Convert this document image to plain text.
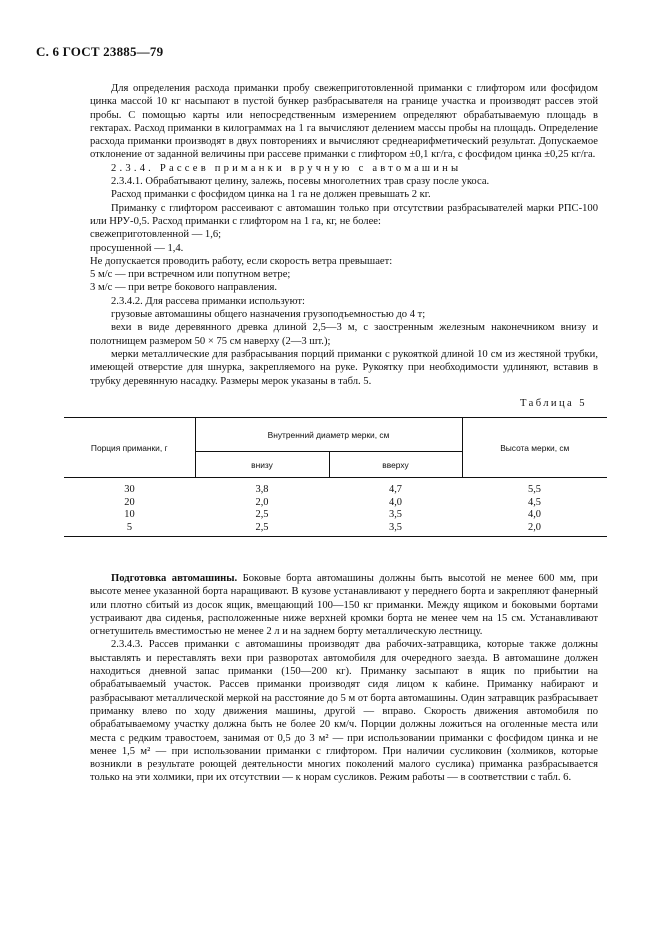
С. 6 ГОСТ 23885—79

Для определения расхода приманки пробу свежеприготовленной приманки с глифтором или фосфидом цинка массой 10 кг насыпают в пустой бункер разбрасывателя на границе участка и производят рассев этой пробы. С помощью карты или непосредственным измерением определяют обрабатываемую площадь в гектарах. Расход приманки в килограммах на 1 га вычисляют делением массы пробы на площадь. Определение расхода приманки производят в двух повторениях и вычисляют среднеарифметический результат. Допускаемое отклонение от заданной величины при рассеве приманки с глифтором ±0,1 кг/га, с фосфидом цинка ±0,25 кг/га.

2.3.4. Рассев приманки вручную с автомашины

2.3.4.1. Обрабатывают целину, залежь, посевы многолетних трав сразу после укоса.

Расход приманки с фосфидом цинка на 1 га не должен превышать 2 кг.

Приманку с глифтором рассеивают с автомашин только при отсутствии разбрасывателей марки РПС-100 или НРУ-0,5. Расход приманки с глифтором на 1 га, кг, не более:

свежеприготовленной — 1,6;

просушенной — 1,4.

Не допускается проводить работу, если скорость ветра превышает:

5 м/с — при встречном или попутном ветре;

3 м/с — при ветре бокового направления.

2.3.4.2. Для рассева приманки используют:

грузовые автомашины общего назначения грузоподъемностью до 4 т;

вехи в виде деревянного древка длиной 2,5—3 м, с заостренным железным наконечником внизу и полотнищем размером 50 × 75 см наверху (2—3 шт.);

мерки металлические для разбрасывания порций приманки с рукояткой длиной 10 см из жестяной трубки, имеющей отверстие для шнурка, закрепляемого на руке. Рукоятку при необходимости удлиняют, вставив в трубку деревянную насадку. Размеры мерок указаны в табл. 5.

Таблица 5
Порция приманки, г	Внутренний диаметр мерки, см		Высота мерки, см
	внизу	вверху	

30	3,8	4,7	5,5
20	2,0	4,0	4,5
10	2,5	3,5	4,0
5	2,5	3,5	2,0

Подготовка автомашины. Боковые борта автомашины должны быть высотой не менее 600 мм, при высоте менее указанной борта наращивают. В кузове устанавливают у переднего борта и закрепляют фанерный или плотно сбитый из досок ящик, вмещающий 100—150 кг приманки. Между ящиком и боковыми бортами устраивают два сиденья, расположенные ниже верхней кромки борта не менее чем на 15 см. Устанавливают огнетушитель вместимостью не менее 2 л и на заднем борту металлическую лестницу.

2.3.4.3. Рассев приманки с автомашины производят два рабочих-затравщика, которые также должны выставлять и переставлять вехи при разворотах автомобиля для очередного заезда. В автомашине должен находиться дневной запас приманки (150—200 кг). Приманку засыпают в ящик по прибытии на обрабатываемый участок. Рассев приманки производят сидя лицом к кабине. Приманку набирают и разбрасывают металлической меркой на расстояние до 5 м от борта автомашины. Один затравщик разбрасывает приманку влево по ходу движения машины, другой — вправо. Скорость движения автомобиля по обрабатываемому участку должна быть не более 20 км/ч. Порции должны ложиться на оголенные места или места с редким травостоем, занимая от 0,5 до 3 м² — при использовании приманки с фосфидом цинка и не менее 1,5 м² — при использовании приманки с глифтором. При наличии сусликовин (холмиков, которые возникли в результате роющей деятельности многих поколений малого суслика) приманка разбрасывается только на эти холмики, при их отсутствии — к норам сусликов. Режим работы — в соответствии с табл. 6.
